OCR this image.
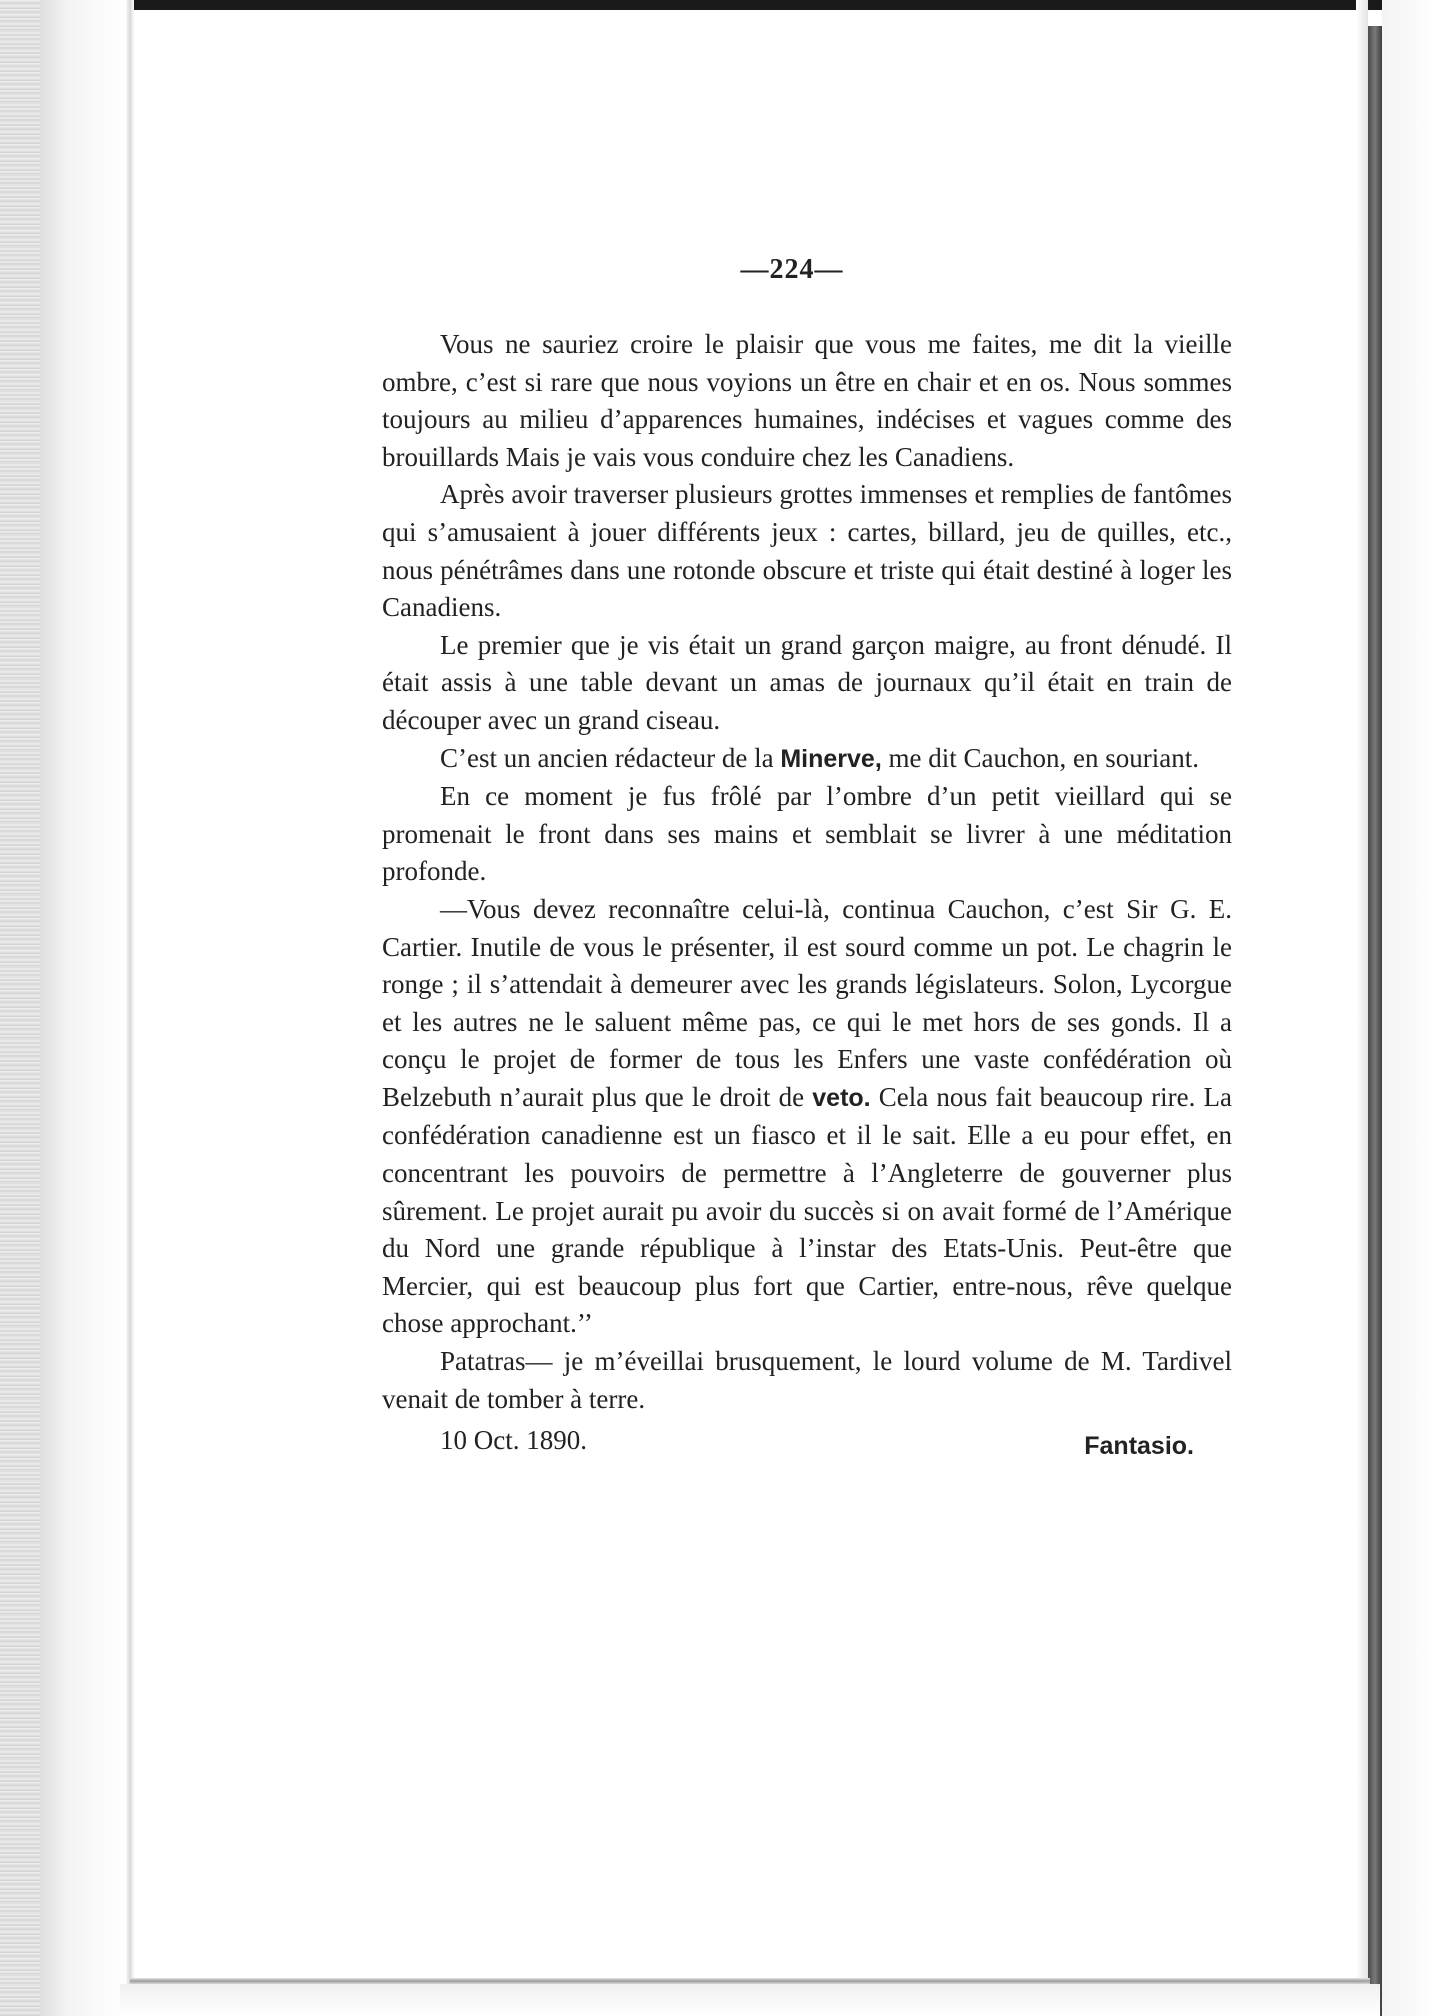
—224—

Vous ne sauriez croire le plaisir que vous me faites, me dit la vieille ombre, c’est si rare que nous voyions un être en chair et en os. Nous sommes toujours au milieu d’apparences humaines, indécises et vagues comme des brouillards Mais je vais vous conduire chez les Canadiens.

Après avoir traverser plusieurs grottes immenses et remplies de fantômes qui s’amusaient à jouer différents jeux : cartes, billard, jeu de quilles, etc., nous pénétrâmes dans une rotonde obscure et triste qui était destiné à loger les Canadiens.

Le premier que je vis était un grand garçon maigre, au front dénudé. Il était assis à une table devant un amas de journaux qu’il était en train de découper avec un grand ciseau.

C’est un ancien rédacteur de la Minerve, me dit Cauchon, en souriant.

En ce moment je fus frôlé par l’ombre d’un petit vieillard qui se promenait le front dans ses mains et semblait se livrer à une méditation profonde.

—Vous devez reconnaître celui-là, continua Cauchon, c’est Sir G. E. Cartier. Inutile de vous le présenter, il est sourd comme un pot. Le chagrin le ronge ; il s’attendait à demeurer avec les grands législateurs. Solon, Lycorgue et les autres ne le saluent même pas, ce qui le met hors de ses gonds. Il a conçu le projet de former de tous les Enfers une vaste confédération où Belzebuth n’aurait plus que le droit de veto. Cela nous fait beaucoup rire. La confédération canadienne est un fiasco et il le sait. Elle a eu pour effet, en concentrant les pouvoirs de permettre à l’Angleterre de gouverner plus sûrement. Le projet aurait pu avoir du succès si on avait formé de l’Amérique du Nord une grande république à l’instar des Etats-Unis. Peut-être que Mercier, qui est beaucoup plus fort que Cartier, entre-nous, rêve quelque chose approchant.’’

Patatras— je m’éveillai brusquement, le lourd volume de M. Tardivel venait de tomber à terre.

10 Oct. 1890.	Fantasio.
